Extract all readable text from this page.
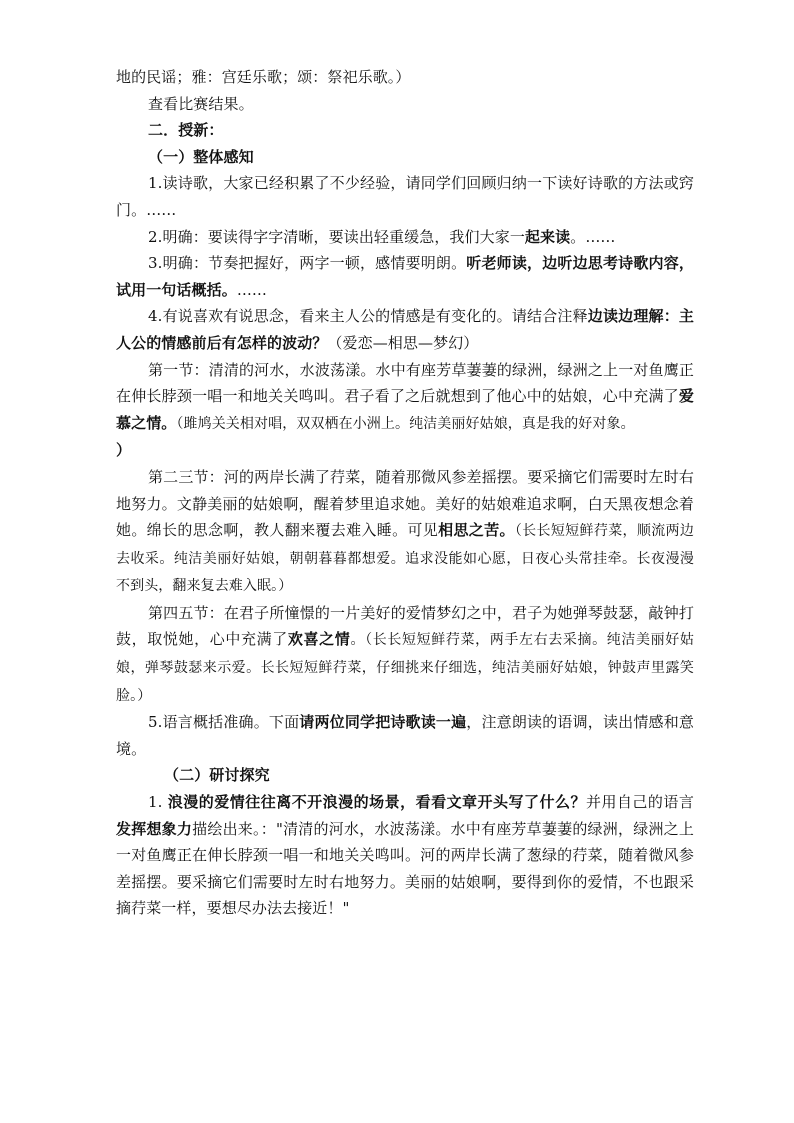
地的民谣；雅：宫廷乐歌；颂：祭祀乐歌。）

查看比赛结果。

二．授新：

（一）整体感知

1.读诗歌，大家已经积累了不少经验，请同学们回顾归纳一下读好诗歌的方法或窍门。……

2.明确：要读得字字清晰，要读出轻重缓急，我们大家一起来读。……

3.明确：节奏把握好，两字一顿，感情要明朗。听老师读，边听边思考诗歌内容，试用一句话概括。……

4.有说喜欢有说思念，看来主人公的情感是有变化的。请结合注释边读边理解：主人公的情感前后有怎样的波动？（爱恋—相思—梦幻）

第一节：清清的河水，水波荡漾。水中有座芳草萋萋的绿洲，绿洲之上一对鱼鹰正在伸长脖颈一唱一和地关关鸣叫。君子看了之后就想到了他心中的姑娘，心中充满了爱慕之情。（雎鸠关关相对唱，双双栖在小洲上。纯洁美丽好姑娘，真是我的好对象。
）

第二三节：河的两岸长满了荇菜，随着那微风参差摇摆。要采摘它们需要时左时右地努力。文静美丽的姑娘啊，醒着梦里追求她。美好的姑娘难追求啊，白天黑夜想念着她。绵长的思念啊，教人翻来覆去难入睡。可见相思之苦。（长长短短鲜荇菜，顺流两边去收采。纯洁美丽好姑娘，朝朝暮暮都想爱。追求没能如心愿，日夜心头常挂牵。长夜漫漫不到头，翻来复去难入眠。）

第四五节：在君子所憧憬的一片美好的爱情梦幻之中，君子为她弹琴鼓瑟，敲钟打鼓，取悦她，心中充满了欢喜之情。（长长短短鲜荇菜，两手左右去采摘。纯洁美丽好姑娘，弹琴鼓瑟来示爱。长长短短鲜荇菜，仔细挑来仔细选，纯洁美丽好姑娘，钟鼓声里露笑脸。）

5.语言概括准确。下面请两位同学把诗歌读一遍，注意朗读的语调，读出情感和意境。

（二）研讨探究

1. 浪漫的爱情往往离不开浪漫的场景，看看文章开头写了什么？并用自己的语言发挥想象力描绘出来。："清清的河水，水波荡漾。水中有座芳草萋萋的绿洲，绿洲之上一对鱼鹰正在伸长脖颈一唱一和地关关鸣叫。河的两岸长满了葱绿的荇菜，随着微风参差摇摆。要采摘它们需要时左时右地努力。美丽的姑娘啊，要得到你的爱情，不也跟采摘荇菜一样，要想尽办法去接近！"
